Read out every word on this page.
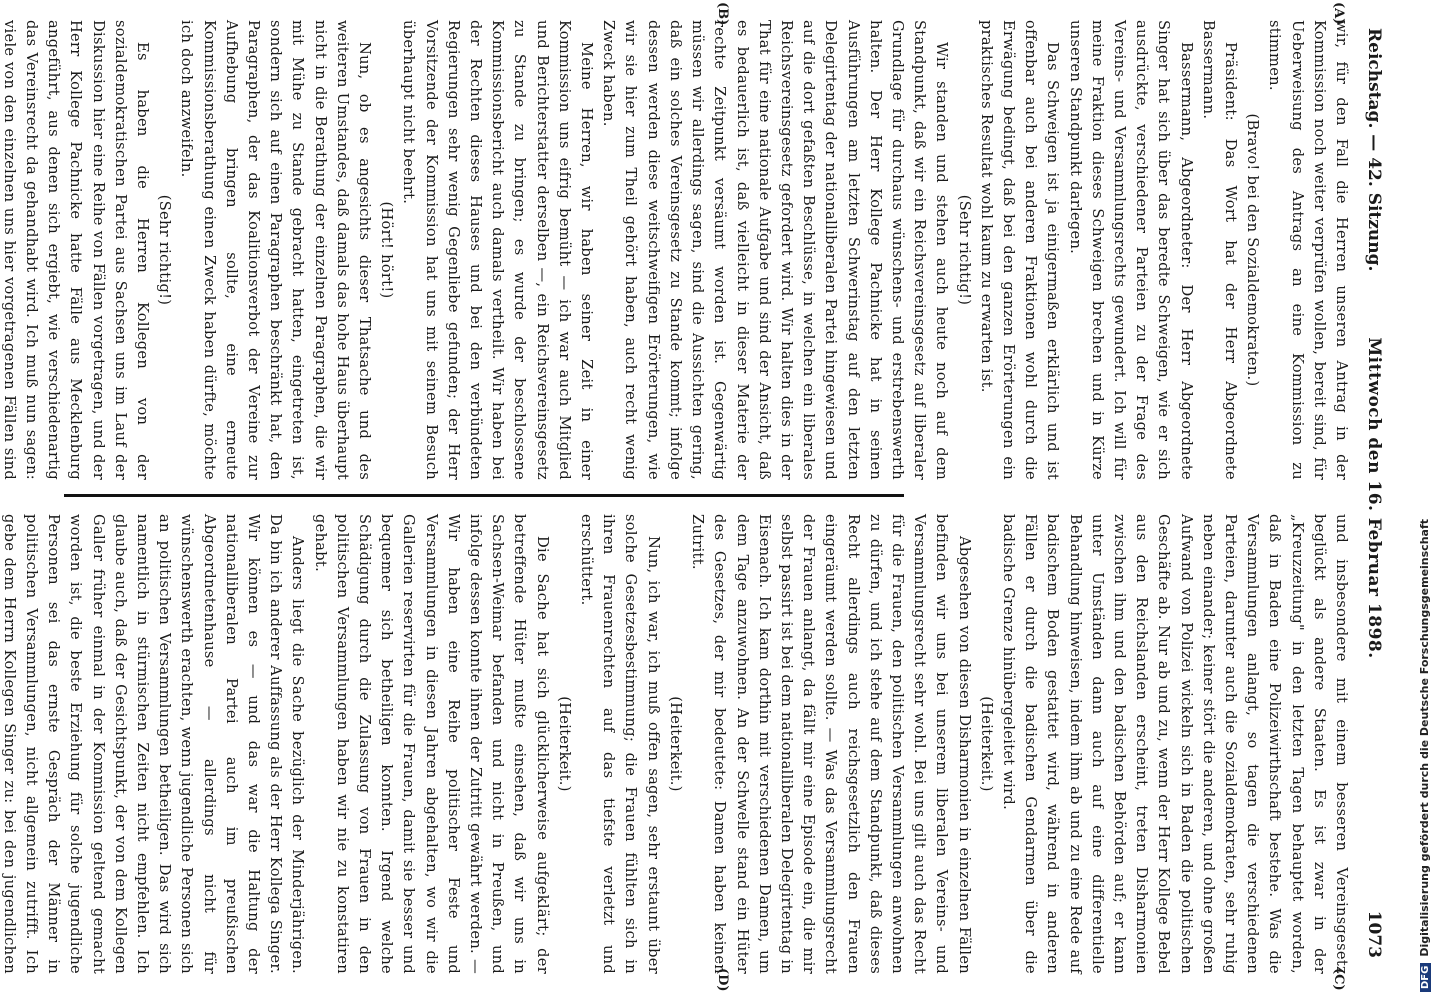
Reichstag. — 42. Sitzung.
Mittwoch den 16. Februar 1898.
1073
(A)
(B)
(C)
(D)

wir, für den Fall die Herren unseren Antrag in der Kommission noch weiter verprüfen wollen, bereit sind, für Ueberweisung des Antrags an eine Kommission zu stimmen.

(Bravo! bei den Sozialdemokraten.)

Präsident: Das Wort hat der Herr Abgeordnete Bassermann.

Bassermann, Abgeordneter: Der Herr Abgeordnete Singer hat sich über das beredte Schweigen, wie er sich ausdrückte, verschiedener Parteien zu der Frage des Vereins- und Versammlungsrechts gewundert. Ich will für meine Fraktion dieses Schweigen brechen und in Kürze unseren Standpunkt darlegen.

Das Schweigen ist ja einigermaßen erklärlich und ist offenbar auch bei anderen Fraktionen wohl durch die Erwägung bedingt, daß bei den ganzen Erörterungen ein praktisches Resultat wohl kaum zu erwarten ist.

(Sehr richtig!)

Wir standen und stehen auch heute noch auf dem Standpunkt, daß wir ein Reichsvereinsgesetz auf liberaler Grundlage für durchaus wünschens- und erstrebenswerth halten. Der Herr Kollege Pachnicke hat in seinen Ausführungen am letzten Schwerinstag auf den letzten Delegirtentag der nationalliberalen Partei hingewiesen und auf die dort gefaßten Beschlüsse, in welchen ein liberales Reichsvereinsgesetz gefordert wird. Wir halten dies in der That für eine nationale Aufgabe und sind der Ansicht, daß es bedauerlich ist, daß vielleicht in dieser Materie der rechte Zeitpunkt versäumt worden ist. Gegenwärtig müssen wir allerdings sagen, sind die Aussichten gering, daß ein solches Vereinsgesetz zu Stande kommt; infolge dessen werden diese weitschweifigen Erörterungen, wie wir sie hier zum Theil gehört haben, auch recht wenig Zweck haben.

Meine Herren, wir haben seiner Zeit in einer Kommission uns eifrig bemüht — ich war auch Mitglied und Berichterstatter derselben —, ein Reichsvereinsgesetz zu Stande zu bringen; es wurde der beschlossene Kommissionsbericht auch damals vertheilt. Wir haben bei der Rechten dieses Hauses und bei den verbündeten Regierungen sehr wenig Gegenliebe gefunden; der Herr Vorsitzende der Kommission hat uns mit seinem Besuch überhaupt nicht beehrt.

(Hört! hört!)

Nun, ob es angesichts dieser Thatsache und des weiteren Umstandes, daß damals das hohe Haus überhaupt nicht in die Berathung der einzelnen Paragraphen, die wir mit Mühe zu Stande gebracht hatten, eingetreten ist, sondern sich auf einen Paragraphen beschränkt hat, den Paragraphen, der das Koalitionsverbot der Vereine zur Aufhebung bringen sollte, eine erneute Kommissionsberathung einen Zweck haben dürfte, möchte ich doch anzweifeln.

(Sehr richtig!)

Es haben die Herren Kollegen von der sozialdemokratischen Partei aus Sachsen uns im Lauf der Diskussion hier eine Reihe von Fällen vorgetragen, und der Herr Kollege Pachnicke hatte Fälle aus Mecklenburg angeführt, aus denen sich ergiebt, wie verschiedenartig das Vereinsrecht da gehandhabt wird. Ich muß nun sagen: viele von den einzelnen uns hier vorgetragenen Fällen sind

und insbesondere mit einem besseren Vereinsgesetz beglückt als andere Staaten. Es ist zwar in der „Kreuzzeitung" in den letzten Tagen behauptet worden, daß in Baden eine Polizeiwirthschaft bestehe. Was die Versammlungen anlangt, so tagen die verschiedenen Parteien, darunter auch die Sozialdemokraten, sehr ruhig neben einander; keiner stört die anderen, und ohne großen Aufwand von Polizei wickeln sich in Baden die politischen Geschäfte ab. Nur ab und zu, wenn der Herr Kollege Bebel aus den Reichslanden erscheint, treten Disharmonien zwischen ihm und den badischen Behörden auf; er kann unter Umständen dann auch auf eine differentielle Behandlung hinweisen, indem ihm ab und zu eine Rede auf badischem Boden gestattet wird, während in anderen Fällen er durch die badischen Gendarmen über die badische Grenze hinübergeleitet wird.

(Heiterkeit.)

Abgesehen von diesen Disharmonien in einzelnen Fällen befinden wir uns bei unserem liberalen Vereins- und Versammlungsrecht sehr wohl. Bei uns gilt auch das Recht für die Frauen, den politischen Versammlungen anwohnen zu dürfen, und ich stehe auf dem Standpunkt, daß dieses Recht allerdings auch reichsgesetzlich den Frauen eingeräumt werden sollte. — Was das Versammlungsrecht der Frauen anlangt, da fällt mir eine Episode ein, die mir selbst passirt ist bei dem nationalliberalen Delegirtentag in Eisenach. Ich kam dorthin mit verschiedenen Damen, um dem Tage anzuwohnen. An der Schwelle stand ein Hüter des Gesetzes, der mir bedeutete: Damen haben keinen Zutritt.

(Heiterkeit.)

Nun, ich war, ich muß offen sagen, sehr erstaunt über solche Gesetzesbestimmung; die Frauen fühlten sich in ihren Frauenrechten auf das tiefste verletzt und erschüttert.

(Heiterkeit.)

Die Sache hat sich glücklicherweise aufgeklärt; der betreffende Hüter mußte einsehen, daß wir uns in Sachsen-Weimar befanden und nicht in Preußen, und infolge dessen konnte ihnen der Zutritt gewährt werden. — Wir haben eine Reihe politischer Feste und Versammlungen in diesen Jahren abgehalten, wo wir die Gallerien reservirten für die Frauen, damit sie besser und bequemer sich betheiligen konnten. Irgend welche Schädigung durch die Zulassung von Frauen in den politischen Versammlungen haben wir nie zu konstatiren gehabt.

Anders liegt die Sache bezüglich der Minderjährigen. Da bin ich anderer Auffassung als der Herr Kollega Singer. Wir können es — und das war die Haltung der nationalliberalen Partei auch im preußischen Abgeordnetenhause — allerdings nicht für wünschenswerth erachten, wenn jugendliche Personen sich an politischen Versammlungen betheiligen. Das wird sich namentlich in stürmischen Zeiten nicht empfehlen. Ich glaube auch, daß der Gesichtspunkt, der von dem Kollegen Galler früher einmal in der Kommission geltend gemacht worden ist, die beste Erziehung für solche jugendliche Personen sei das ernste Gespräch der Männer in politischen Versammlungen, nicht allgemein zutrifft. Ich gebe dem Herrn Kollegen Singer zu: bei den jugendlichen

DFGDigitalisierung gefördert durch die Deutsche Forschungsgemeinschaft
